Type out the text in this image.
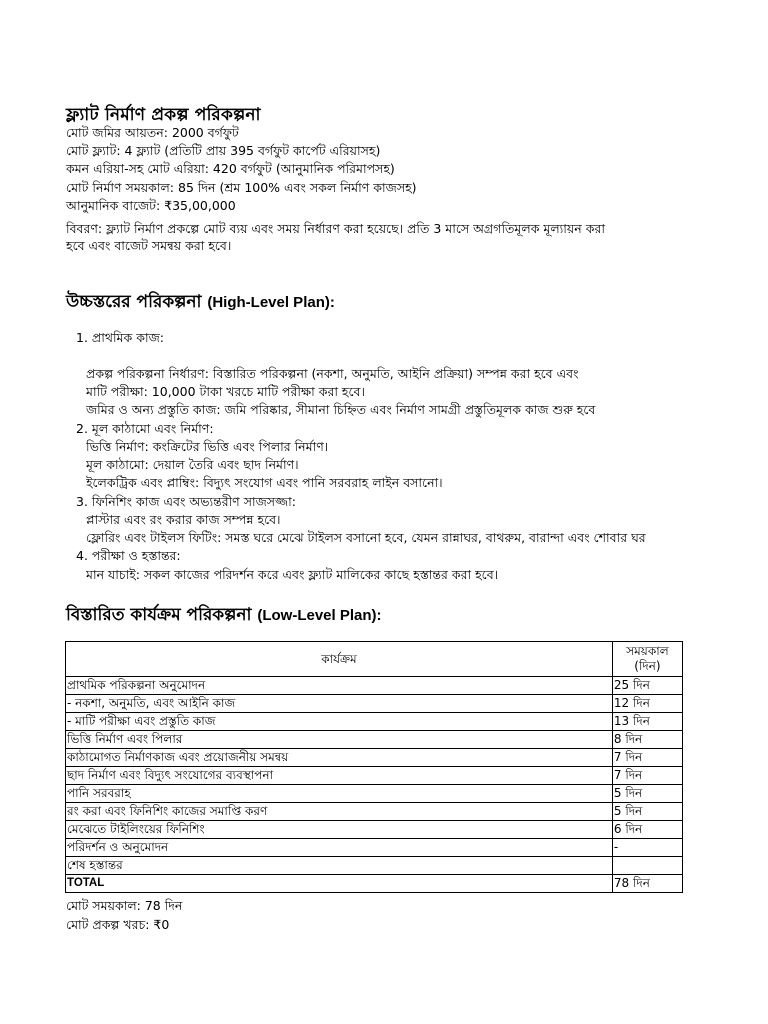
ফ্ল্যাট নির্মাণ প্রকল্প পরিকল্পনা
মোট জমির আয়তন: 2000 বর্গফুট
মোট ফ্ল্যাট: 4 ফ্ল্যাট (প্রতিটি প্রায় 395 বর্গফুট কার্পেট এরিয়াসহ)
কমন এরিয়া-সহ মোট এরিয়া: 420 বর্গফুট (আনুমানিক পরিমাপসহ)
মোট নির্মাণ সময়কাল: 85 দিন (শ্রম 100% এবং সকল নির্মাণ কাজসহ)
আনুমানিক বাজেট: ₹35,00,000
বিবরণ: ফ্ল্যাট নির্মাণ প্রকল্পে মোট ব্যয় এবং সময় নির্ধারণ করা হয়েছে। প্রতি 3 মাসে অগ্রগতিমূলক মূল্যায়ন করা হবে এবং বাজেট সমন্বয় করা হবে।
উচ্চস্তরের পরিকল্পনা (High-Level Plan):
1. প্রাথমিক কাজ:
প্রকল্প পরিকল্পনা নির্ধারণ: বিস্তারিত পরিকল্পনা (নকশা, অনুমতি, আইনি প্রক্রিয়া) সম্পন্ন করা হবে এবং
মাটি পরীক্ষা: 10,000 টাকা খরচে মাটি পরীক্ষা করা হবে।
জমির ও অন্য প্রস্তুতি কাজ: জমি পরিষ্কার, সীমানা চিহ্নিত এবং নির্মাণ সামগ্রী প্রস্তুতিমূলক কাজ শুরু হবে
2. মূল কাঠামো এবং নির্মাণ:
ভিত্তি নির্মাণ: কংক্রিটের ভিত্তি এবং পিলার নির্মাণ।
মূল কাঠামো: দেয়াল তৈরি এবং ছাদ নির্মাণ।
ইলেকট্রিক এবং প্লাম্বিং: বিদ্যুৎ সংযোগ এবং পানি সরবরাহ লাইন বসানো।
3. ফিনিশিং কাজ এবং অভ্যন্তরীণ সাজসজ্জা:
প্লাস্টার এবং রং করার কাজ সম্পন্ন হবে।
ফ্লোরিং এবং টাইলস ফিটিং: সমস্ত ঘরে মেঝে টাইলস বসানো হবে, যেমন রান্নাঘর, বাথরুম, বারান্দা এবং শোবার ঘর
4. পরীক্ষা ও হস্তান্তর:
মান যাচাই: সকল কাজের পরিদর্শন করে এবং ফ্ল্যাট মালিকের কাছে হস্তান্তর করা হবে।
বিস্তারিত কার্যক্রম পরিকল্পনা (Low-Level Plan):
কার্যক্রম	সময়কাল (দিন)
প্রাথমিক পরিকল্পনা অনুমোদন	25 দিন
- নকশা, অনুমতি, এবং আইনি কাজ	12 দিন
- মাটি পরীক্ষা এবং প্রস্তুতি কাজ	13 দিন
ভিত্তি নির্মাণ এবং পিলার	8 দিন
কাঠামোগত নির্মাণকাজ এবং প্রয়োজনীয় সমন্বয়	7 দিন
ছাদ নির্মাণ এবং বিদ্যুৎ সংযোগের ব্যবস্থাপনা	7 দিন
পানি সরবরাহ	5 দিন
রং করা এবং ফিনিশিং কাজের সমাপ্তি করণ	5 দিন
মেঝেতে টাইলিংয়ের ফিনিশিং	6 দিন
পরিদর্শন ও অনুমোদন	-
শেষ হস্তান্তর	
TOTAL	78 দিন
মোট সময়কাল: 78 দিন
মোট প্রকল্প খরচ: ₹0
